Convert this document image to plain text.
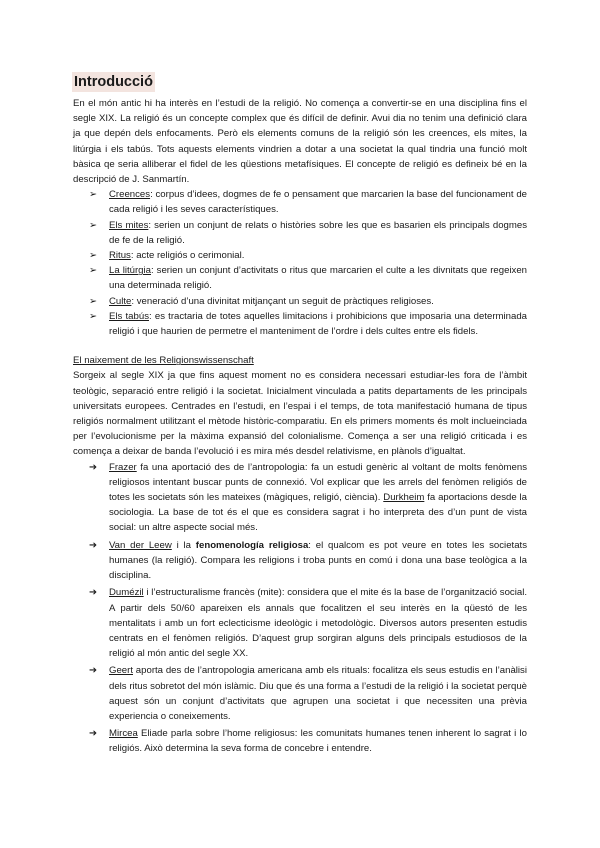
Introducció

En el món antic hi ha interès en l’estudi de la religió. No comença a convertir-se en una disciplina fins el segle XIX. La religió és un concepte complex que és difícil de definir. Avui dia no tenim una definició clara ja que depén dels enfocaments. Però els elements comuns de la religió són les creences, els mites, la litúrgia i els tabús. Tots aquests elements vindrien a dotar a una societat la qual tindria una funció molt bàsica qe seria alliberar el fidel de les qüestions metafísiques. El concepte de religió es defineix bé en la descripció de J. Sanmartín.

➢ Creences: corpus d’idees, dogmes de fe o pensament que marcarien la base del funcionament de cada religió i les seves característiques.
➢ Els mites: serien un conjunt de relats o històries sobre les que es basarien els principals dogmes de fe de la religió.
➢ Ritus: acte religiós o cerimonial.
➢ La litúrgia: serien un conjunt d’activitats o ritus que marcarien el culte a les divnitats que regeixen una determinada religió.
➢ Culte: veneració d’una divinitat mitjançant un seguit de pràctiques religioses.
➢ Els tabús: es tractaria de totes aquelles limitacions i prohibicions que imposaria una determinada religió i que haurien de permetre el manteniment de l’ordre i dels cultes entre els fidels.

El naixement de les Religionswissenschaft

Sorgeix al segle XIX ja que fins aquest moment no es considera necessari estudiar-les fora de l’àmbit teològic, separació entre religió i la societat. Inicialment vinculada a patits departaments de les principals universitats europees. Centrades en l’estudi, en l’espai i el temps, de tota manifestació humana de tipus religiós normalment utilitzant el mètode històric-comparatiu. En els primers moments és molt inclueinciada per l’evolucionisme per la màxima expansió del colonialisme. Comença a ser una religió criticada i es comença a deixar de banda l’evolució i es mira més desdel relativisme, en plànols d’igualtat.

➔ Frazer fa una aportació des de l’antropologia: fa un estudi genèric al voltant de molts fenòmens religiosos intentant buscar punts de connexió. Vol explicar que les arrels del fenòmen religiós de totes les societats són les mateixes (màgiques, religió, ciència). Durkheim fa aportacions desde la sociologia. La base de tot és el que es considera sagrat i ho interpreta des d’un punt de vista social: un altre aspecte social més.
➔ Van der Leew i la fenomenología religiosa: el qualcom es pot veure en totes les societats humanes (la religió). Compara les religions i troba punts en comú i dona una base teològica a la disciplina.
➔ Dumézil i l’estructuralisme francès (mite): considera que el mite és la base de l’organització social. A partir dels 50/60 apareixen els annals que focalitzen el seu interès en la qüestó de les mentalitats i amb un fort eclecticisme ideològic i metodològic. Diversos autors presenten estudis centrats en el fenòmen religiós. D’aquest grup sorgiran alguns dels principals estudiosos de la religió al món antic del segle XX.
➔ Geert aporta des de l’antropologia americana amb els rituals: focalitza els seus estudis en l’anàlisi dels ritus sobretot del món islàmic. Diu que és una forma a l’estudi de la religió i la societat perquè aquest són un conjunt d’activitats que agrupen una societat i que necessiten una prèvia experiencia o coneixements.
➔ Mircea Eliade parla sobre l’home religiosus: les comunitats humanes tenen inherent lo sagrat i lo religiós. Això determina la seva forma de concebre i entendre.
